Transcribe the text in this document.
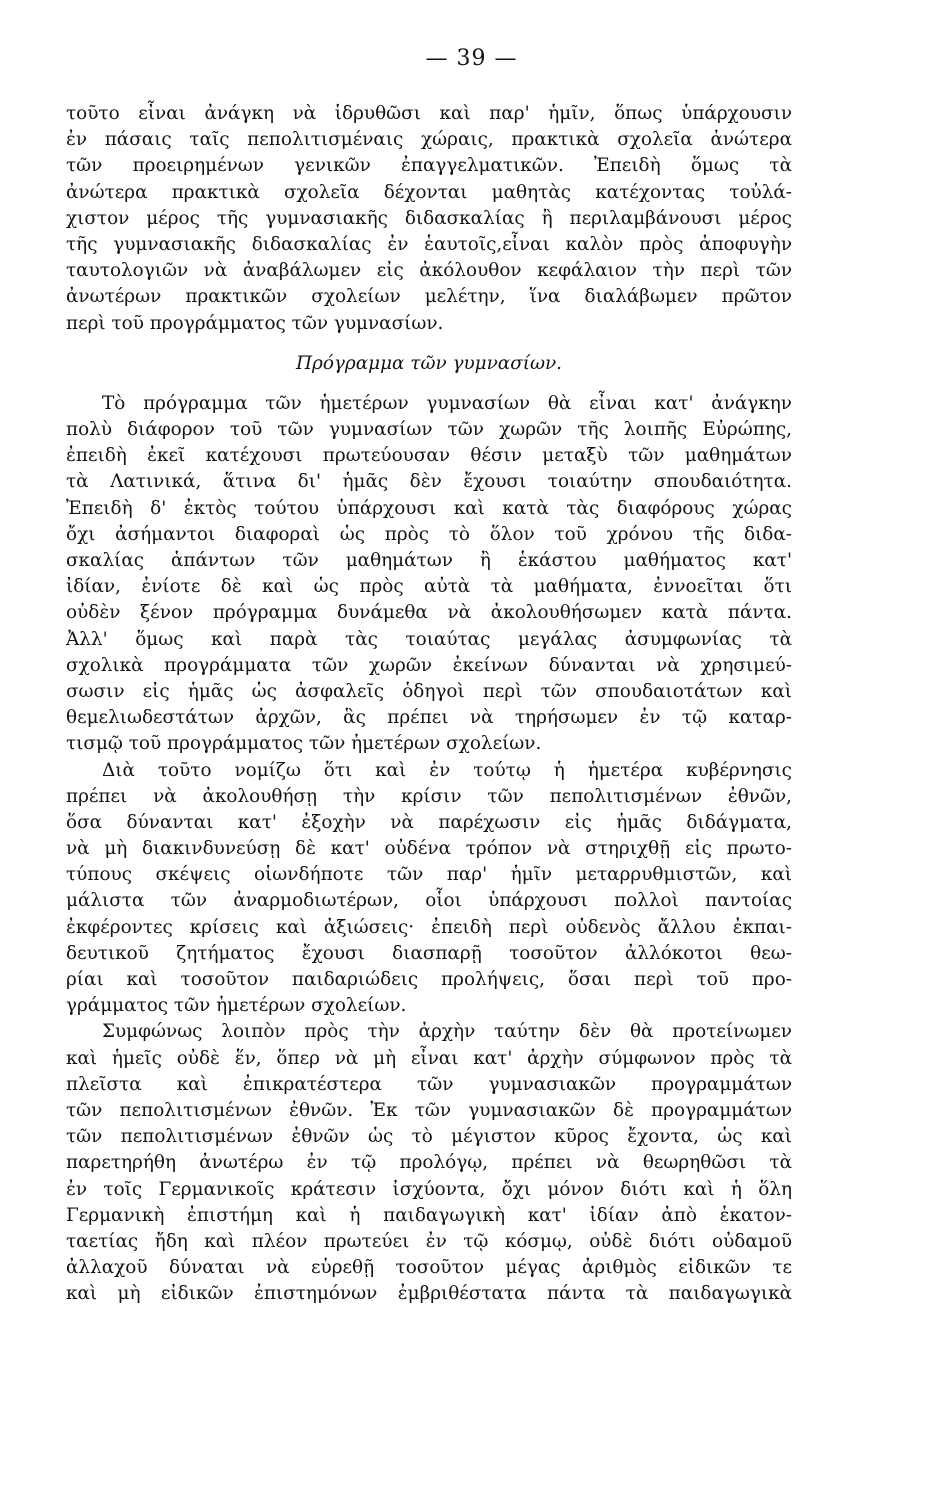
— 39 —
τοῦτο εἶναι ἀνάγκη νὰ ἱδρυθῶσι καὶ παρ' ἡμῖν, ὅπως ὑπάρχουσιν
ἐν πάσαις ταῖς πεπολιτισμέναις χώραις, πρακτικὰ σχολεῖα ἀνώτερα
τῶν προειρημένων γενικῶν ἐπαγγελματικῶν. Ἐπειδὴ ὅμως τὰ
ἀνώτερα πρακτικὰ σχολεῖα δέχονται μαθητὰς κατέχοντας τοὐλά-
χιστον μέρος τῆς γυμνασιακῆς διδασκαλίας ἢ περιλαμβάνουσι μέρος
τῆς γυμνασιακῆς διδασκαλίας ἐν ἑαυτοῖς,εἶναι καλὸν πρὸς ἀποφυγὴν
ταυτολογιῶν νὰ ἀναβάλωμεν εἰς ἀκόλουθον κεφάλαιον τὴν περὶ τῶν
ἀνωτέρων πρακτικῶν σχολείων μελέτην, ἵνα διαλάβωμεν πρῶτον
περὶ τοῦ προγράμματος τῶν γυμνασίων.
Πρόγραμμα τῶν γυμνασίων.
Τὸ πρόγραμμα τῶν ἡμετέρων γυμνασίων θὰ εἶναι κατ' ἀνάγκην
πολὺ διάφορον τοῦ τῶν γυμνασίων τῶν χωρῶν τῆς λοιπῆς Εὐρώπης,
ἐπειδὴ ἐκεῖ κατέχουσι πρωτεύουσαν θέσιν μεταξὺ τῶν μαθημάτων
τὰ Λατινικά, ἅτινα δι' ἡμᾶς δὲν ἔχουσι τοιαύτην σπουδαιότητα.
Ἐπειδὴ δ' ἐκτὸς τούτου ὑπάρχουσι καὶ κατὰ τὰς διαφόρους χώρας
ὄχι ἀσήμαντοι διαφοραὶ ὡς πρὸς τὸ ὅλον τοῦ χρόνου τῆς διδα-
σκαλίας ἁπάντων τῶν μαθημάτων ἢ ἑκάστου μαθήματος κατ'
ἰδίαν, ἐνίοτε δὲ καὶ ὡς πρὸς αὐτὰ τὰ μαθήματα, ἐννοεῖται ὅτι
οὐδὲν ξένον πρόγραμμα δυνάμεθα νὰ ἀκολουθήσωμεν κατὰ πάντα.
Ἀλλ' ὅμως καὶ παρὰ τὰς τοιαύτας μεγάλας ἀσυμφωνίας τὰ
σχολικὰ προγράμματα τῶν χωρῶν ἐκείνων δύνανται νὰ χρησιμεύ-
σωσιν εἰς ἡμᾶς ὡς ἀσφαλεῖς ὁδηγοὶ περὶ τῶν σπουδαιοτάτων καὶ
θεμελιωδεστάτων ἀρχῶν, ἃς πρέπει νὰ τηρήσωμεν ἐν τῷ καταρ-
τισμῷ τοῦ προγράμματος τῶν ἡμετέρων σχολείων.
Διὰ τοῦτο νομίζω ὅτι καὶ ἐν τούτῳ ἡ ἡμετέρα κυβέρνησις
πρέπει νὰ ἀκολουθήσῃ τὴν κρίσιν τῶν πεπολιτισμένων ἐθνῶν,
ὅσα δύνανται κατ' ἐξοχὴν νὰ παρέχωσιν εἰς ἡμᾶς διδάγματα,
νὰ μὴ διακινδυνεύσῃ δὲ κατ' οὐδένα τρόπον νὰ στηριχθῇ εἰς πρωτο-
τύπους σκέψεις οἱωνδήποτε τῶν παρ' ἡμῖν μεταρρυθμιστῶν, καὶ
μάλιστα τῶν ἀναρμοδιωτέρων, οἷοι ὑπάρχουσι πολλοὶ παντοίας
ἐκφέροντες κρίσεις καὶ ἀξιώσεις· ἐπειδὴ περὶ οὐδενὸς ἄλλου ἐκπαι-
δευτικοῦ ζητήματος ἔχουσι διασπαρῇ τοσοῦτον ἀλλόκοτοι θεω-
ρίαι καὶ τοσοῦτον παιδαριώδεις προλήψεις, ὅσαι περὶ τοῦ προ-
γράμματος τῶν ἡμετέρων σχολείων.
Συμφώνως λοιπὸν πρὸς τὴν ἀρχὴν ταύτην δὲν θὰ προτείνωμεν
καὶ ἡμεῖς οὐδὲ ἕν, ὅπερ νὰ μὴ εἶναι κατ' ἀρχὴν σύμφωνον πρὸς τὰ
πλεῖστα καὶ ἐπικρατέστερα τῶν γυμνασιακῶν προγραμμάτων
τῶν πεπολιτισμένων ἐθνῶν. Ἐκ τῶν γυμνασιακῶν δὲ προγραμμάτων
τῶν πεπολιτισμένων ἐθνῶν ὡς τὸ μέγιστον κῦρος ἔχοντα, ὡς καὶ
παρετηρήθη ἀνωτέρω ἐν τῷ προλόγῳ, πρέπει νὰ θεωρηθῶσι τὰ
ἐν τοῖς Γερμανικοῖς κράτεσιν ἰσχύοντα, ὄχι μόνον διότι καὶ ἡ ὅλη
Γερμανικὴ ἐπιστήμη καὶ ἡ παιδαγωγικὴ κατ' ἰδίαν ἀπὸ ἑκατον-
ταετίας ἤδη καὶ πλέον πρωτεύει ἐν τῷ κόσμῳ, οὐδὲ διότι οὐδαμοῦ
ἀλλαχοῦ δύναται νὰ εὑρεθῇ τοσοῦτον μέγας ἀριθμὸς εἰδικῶν τε
καὶ μὴ εἰδικῶν ἐπιστημόνων ἐμβριθέστατα πάντα τὰ παιδαγωγικὰ
